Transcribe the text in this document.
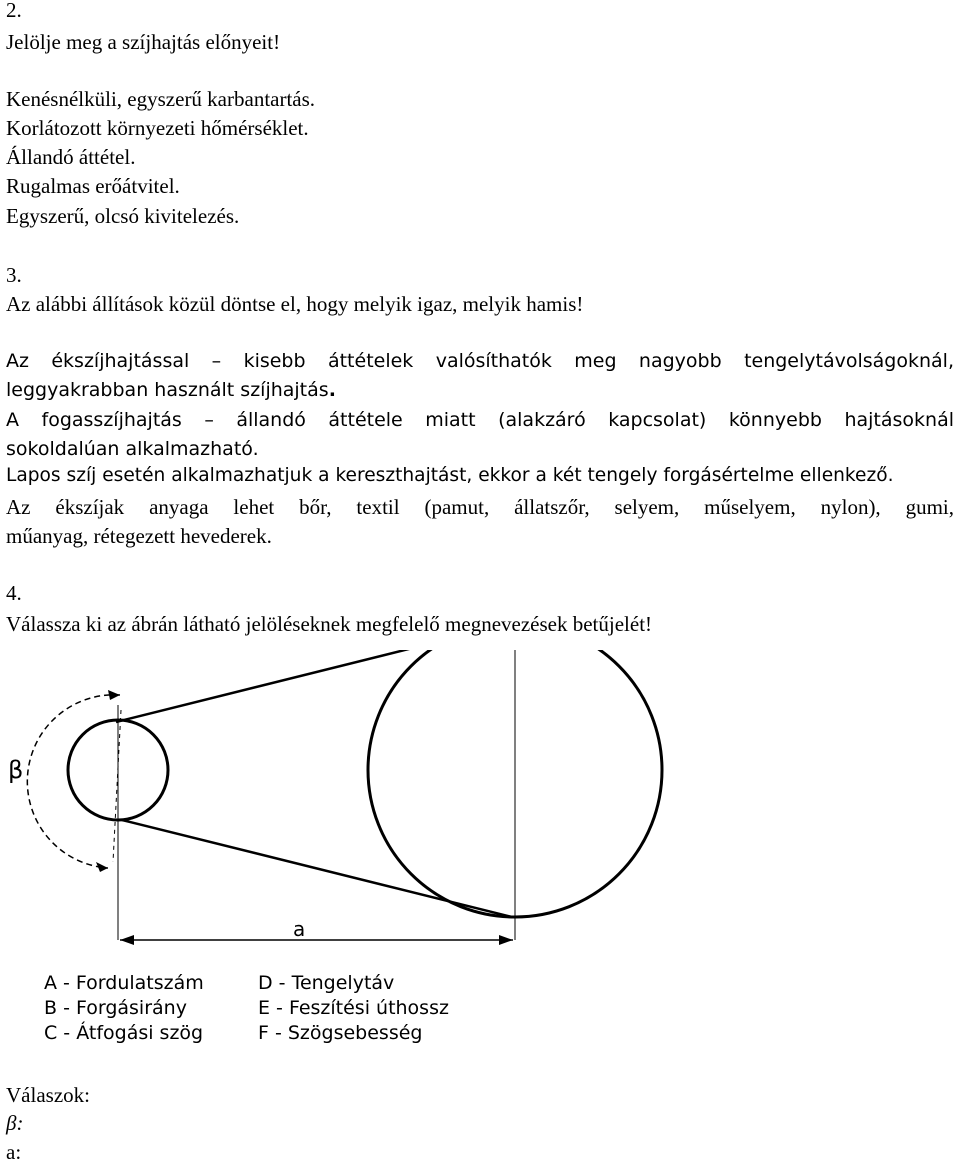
2.
Jelölje meg a szíjhajtás előnyeit!
Kenésnélküli, egyszerű karbantartás.
Korlátozott környezeti hőmérséklet.
Állandó áttétel.
Rugalmas erőátvitel.
Egyszerű, olcsó kivitelezés.
3.
Az alábbi állítások közül döntse el, hogy melyik igaz, melyik hamis!
Az ékszíjhajtással – kisebb áttételek valósíthatók meg nagyobb tengelytávolságoknál,
leggyakrabban használt szíjhajtás.
A fogasszíjhajtás – állandó áttétele miatt (alakzáró kapcsolat) könnyebb hajtásoknál
sokoldalúan alkalmazható.
Lapos szíj esetén alkalmazhatjuk a kereszthajtást, ekkor a két tengely forgásértelme ellenkező.
Az ékszíjak anyaga lehet bőr, textil (pamut, állatszőr, selyem, műselyem, nylon), gumi,
műanyag, rétegezett hevederek.
4.
Válassza ki az ábrán látható jelöléseknek megfelelő megnevezések betűjelét!
β
a
A - Fordulatszám
B - Forgásirány
C - Átfogási szög
D - Tengelytáv
E - Feszítési úthossz
F - Szögsebesség
Válaszok:
β:
a:
